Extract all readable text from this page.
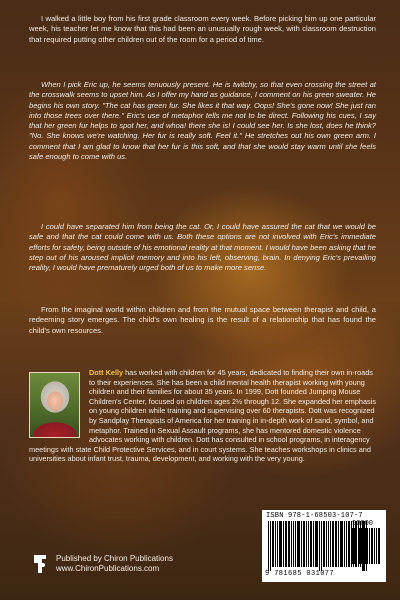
I walked a little boy from his first grade classroom every week. Before picking him up one particular week, his teacher let me know that this had been an unusually rough week, with classroom destruction that required putting other children out of the room for a period of time.

When I pick Eric up, he seems tenuously present. He is twitchy, so that even crossing the street at the crosswalk seems to upset him. As I offer my hand as guidance, I comment on his green sweater. He begins his own story. "The cat has green fur. She likes it that way. Oops! She's gone now! She just ran into those trees over there." Eric's use of metaphor tells me not to be direct. Following his cues, I say that her green fur helps to spot her, and whoa! there she is! I could see her. Is she lost, does he think? "No. She knows we're watching. Her fur is really soft. Feel it." He stretches out his own green arm. I comment that I am glad to know that her fur is this soft, and that she would stay warm until she feels safe enough to come with us.

I could have separated him from being the cat. Or, I could have assured the cat that we would be safe and that the cat could come with us. Both these options are not involved with Eric's immediate efforts for safety, being outside of his emotional reality at that moment. I would have been asking that he step out of his aroused implicit memory and into his left, observing, brain. In denying Eric's prevailing reality, I would have prematurely urged both of us to make more sense.

From the imaginal world within children and from the mutual space between therapist and child, a redeeming story emerges. The child's own healing is the result of a relationship that has found the child's own resources.

Dott Kelly has worked with children for 45 years, dedicated to finding their own in-roads to their experiences. She has been a child mental health therapist working with young children and their families for about 35 years. In 1999, Dott founded Jumping Mouse Children's Center, focused on children ages 2½ through 12. She expanded her emphasis on young children while training and supervising over 60 therapists. Dott was recognized by Sandplay Therapists of America for her training in in-depth work of sand, symbol, and metaphor. Trained in Sexual Assault programs, she has mentored domestic violence advocates working with children. Dott has consulted in school programs, in interagency meetings with state Child Protective Services, and in court systems. She teaches workshops in clinics and universities about infant trust, trauma, development, and working with the very young.
ISBN 978-1-68503-107-7
90000
9 781685 031077
Published by Chiron Publications
www.ChironPublications.com
